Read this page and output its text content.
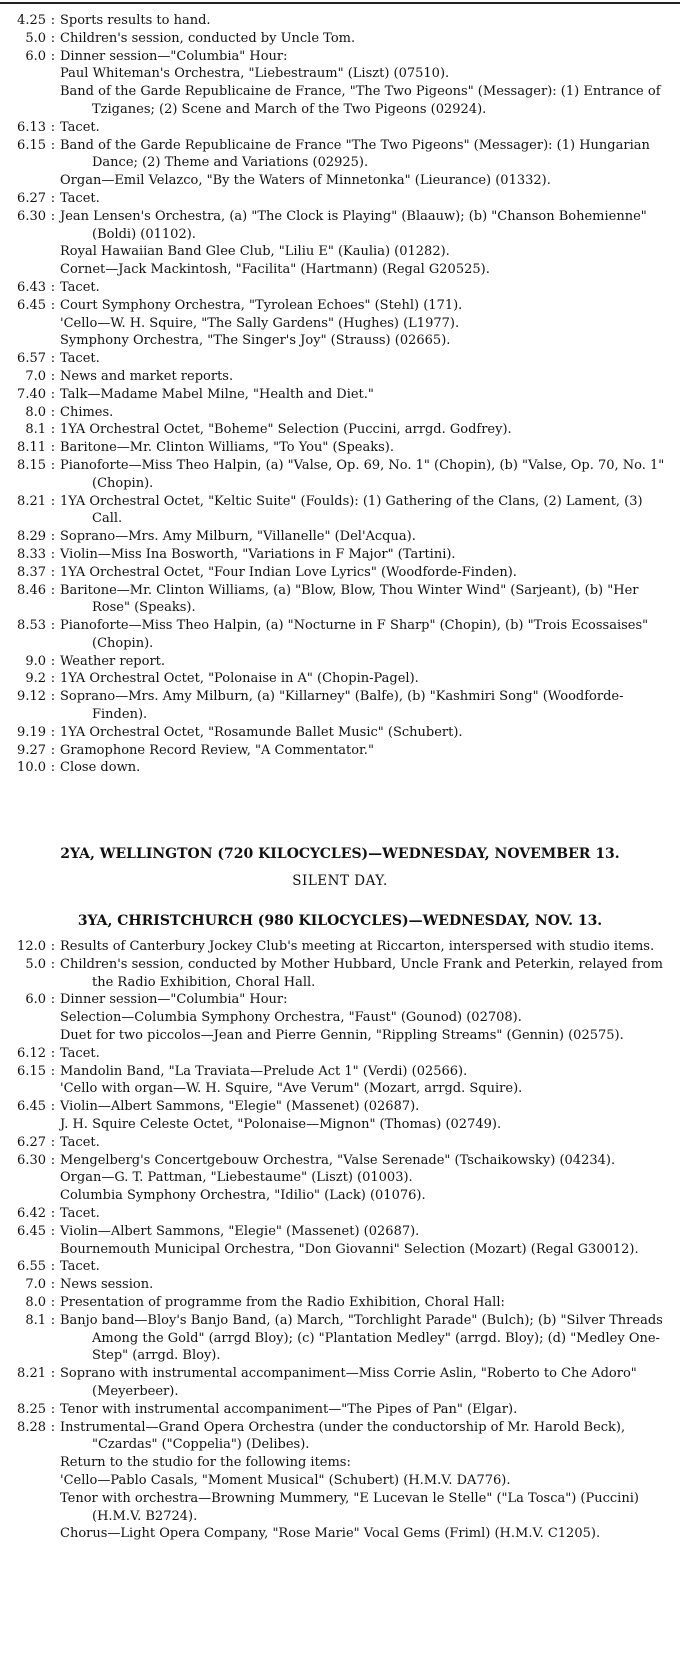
4.25 : Sports results to hand.
5.0 : Children's session, conducted by Uncle Tom.
6.0 : Dinner session—"Columbia" Hour:
Paul Whiteman's Orchestra, "Liebestraum" (Liszt) (07510).
Band of the Garde Republicaine de France, "The Two Pigeons" (Messager): (1) Entrance of Tziganes; (2) Scene and March of the Two Pigeons (02924).
6.13 : Tacet.
6.15 : Band of the Garde Republicaine de France "The Two Pigeons" (Messager): (1) Hungarian Dance; (2) Theme and Variations (02925).
Organ—Emil Velazco, "By the Waters of Minnetonka" (Lieurance) (01332).
6.27 : Tacet.
6.30 : Jean Lensen's Orchestra, (a) "The Clock is Playing" (Blaauw); (b) "Chanson Bohemienne" (Boldi) (01102).
Royal Hawaiian Band Glee Club, "Liliu E" (Kaulia) (01282).
Cornet—Jack Mackintosh, "Facilita" (Hartmann) (Regal G20525).
6.43 : Tacet.
6.45 : Court Symphony Orchestra, "Tyrolean Echoes" (Stehl) (171).
'Cello—W. H. Squire, "The Sally Gardens" (Hughes) (L1977).
Symphony Orchestra, "The Singer's Joy" (Strauss) (02665).
6.57 : Tacet.
7.0 : News and market reports.
7.40 : Talk—Madame Mabel Milne, "Health and Diet."
8.0 : Chimes.
8.1 : 1YA Orchestral Octet, "Boheme" Selection (Puccini, arrgd. Godfrey).
8.11 : Baritone—Mr. Clinton Williams, "To You" (Speaks).
8.15 : Pianoforte—Miss Theo Halpin, (a) "Valse, Op. 69, No. 1" (Chopin), (b) "Valse, Op. 70, No. 1" (Chopin).
8.21 : 1YA Orchestral Octet, "Keltic Suite" (Foulds): (1) Gathering of the Clans, (2) Lament, (3) Call.
8.29 : Soprano—Mrs. Amy Milburn, "Villanelle" (Del'Acqua).
8.33 : Violin—Miss Ina Bosworth, "Variations in F Major" (Tartini).
8.37 : 1YA Orchestral Octet, "Four Indian Love Lyrics" (Woodforde-Finden).
8.46 : Baritone—Mr. Clinton Williams, (a) "Blow, Blow, Thou Winter Wind" (Sarjeant), (b) "Her Rose" (Speaks).
8.53 : Pianoforte—Miss Theo Halpin, (a) "Nocturne in F Sharp" (Chopin), (b) "Trois Ecossaises" (Chopin).
9.0 : Weather report.
9.2 : 1YA Orchestral Octet, "Polonaise in A" (Chopin-Pagel).
9.12 : Soprano—Mrs. Amy Milburn, (a) "Killarney" (Balfe), (b) "Kashmiri Song" (Woodforde-Finden).
9.19 : 1YA Orchestral Octet, "Rosamunde Ballet Music" (Schubert).
9.27 : Gramophone Record Review, "A Commentator."
10.0 : Close down.
2YA, WELLINGTON (720 KILOCYCLES)—WEDNESDAY, NOVEMBER 13.
SILENT DAY.
3YA, CHRISTCHURCH (980 KILOCYCLES)—WEDNESDAY, NOV. 13.
12.0 : Results of Canterbury Jockey Club's meeting at Riccarton, interspersed with studio items.
5.0 : Children's session, conducted by Mother Hubbard, Uncle Frank and Peterkin, relayed from the Radio Exhibition, Choral Hall.
6.0 : Dinner session—"Columbia" Hour:
Selection—Columbia Symphony Orchestra, "Faust" (Gounod) (02708).
Duet for two piccolos—Jean and Pierre Gennin, "Rippling Streams" (Gennin) (02575).
6.12 : Tacet.
6.15 : Mandolin Band, "La Traviata—Prelude Act 1" (Verdi) (02566).
'Cello with organ—W. H. Squire, "Ave Verum" (Mozart, arrgd. Squire).
6.45 : Violin—Albert Sammons, "Elegie" (Massenet) (02687).
J. H. Squire Celeste Octet, "Polonaise—Mignon" (Thomas) (02749).
6.27 : Tacet.
6.30 : Mengelberg's Concertgebouw Orchestra, "Valse Serenade" (Tschaikowsky) (04234).
Organ—G. T. Pattman, "Liebestaume" (Liszt) (01003).
Columbia Symphony Orchestra, "Idilio" (Lack) (01076).
6.42 : Tacet.
6.45 : Violin—Albert Sammons, "Elegie" (Massenet) (02687).
Bournemouth Municipal Orchestra, "Don Giovanni" Selection (Mozart) (Regal G30012).
6.55 : Tacet.
7.0 : News session.
8.0 : Presentation of programme from the Radio Exhibition, Choral Hall:
8.1 : Banjo band—Bloy's Banjo Band, (a) March, "Torchlight Parade" (Bulch); (b) "Silver Threads Among the Gold" (arrgd Bloy); (c) "Plantation Medley" (arrgd. Bloy); (d) "Medley One-Step" (arrgd. Bloy).
8.21 : Soprano with instrumental accompaniment—Miss Corrie Aslin, "Roberto to Che Adoro" (Meyerbeer).
8.25 : Tenor with instrumental accompaniment—"The Pipes of Pan" (Elgar).
8.28 : Instrumental—Grand Opera Orchestra (under the conductorship of Mr. Harold Beck), "Czardas" ("Coppelia") (Delibes).
Return to the studio for the following items:
'Cello—Pablo Casals, "Moment Musical" (Schubert) (H.M.V. DA776).
Tenor with orchestra—Browning Mummery, "E Lucevan le Stelle" ("La Tosca") (Puccini) (H.M.V. B2724).
Chorus—Light Opera Company, "Rose Marie" Vocal Gems (Friml) (H.M.V. C1205).
